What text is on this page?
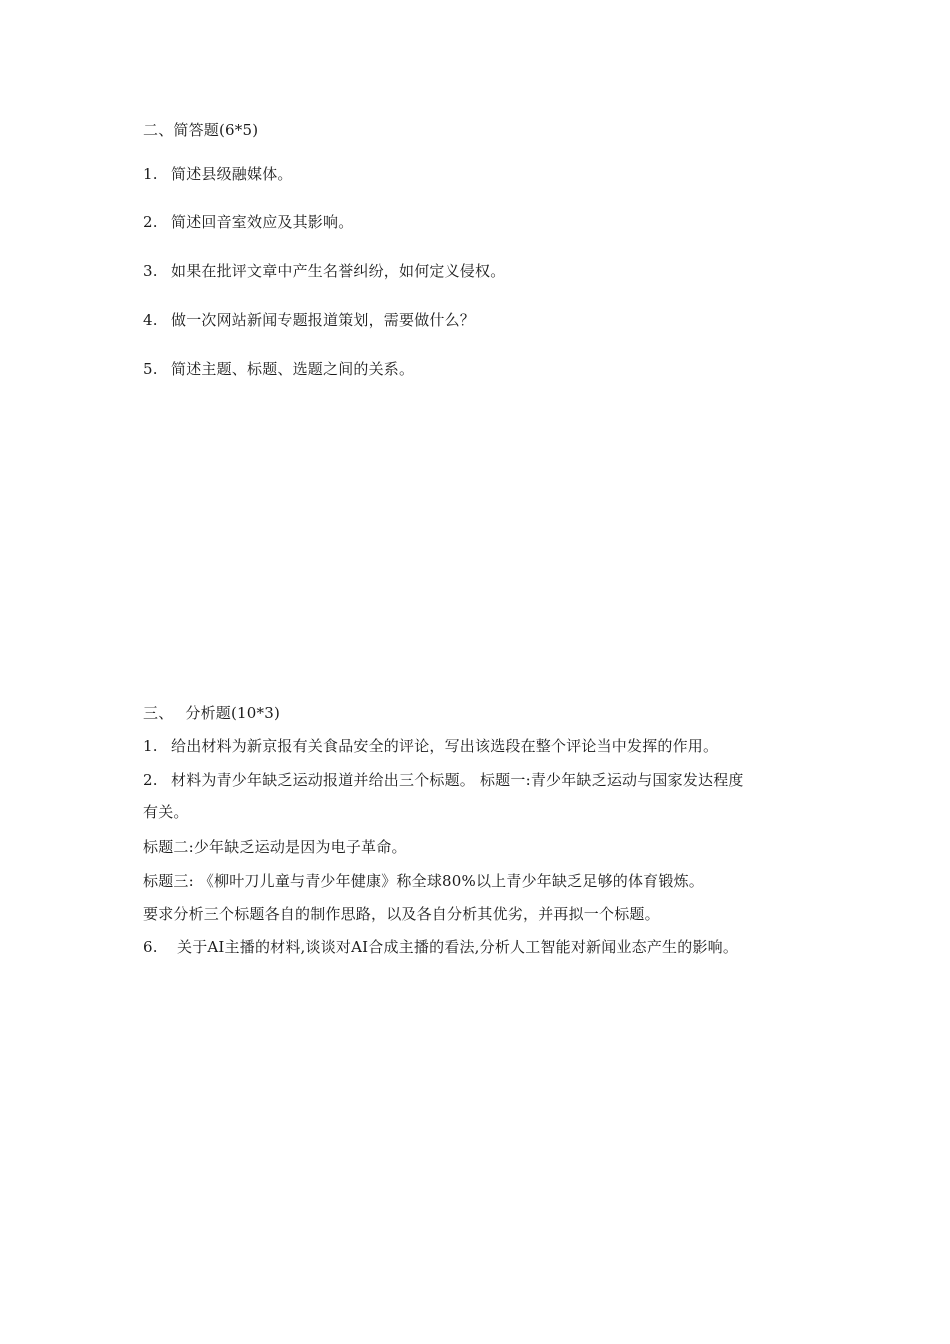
二、简答题(6*5)
1. 简述县级融媒体。
2. 简述回音室效应及其影响。
3. 如果在批评文章中产生名誉纠纷，如何定义侵权。
4. 做一次网站新闻专题报道策划，需要做什么？
5. 简述主题、标题、选题之间的关系。
三、 分析题(10*3)
1. 给出材料为新京报有关食品安全的评论，写出该选段在整个评论当中发挥的作用。
2. 材料为青少年缺乏运动报道并给出三个标题。 标题一:青少年缺乏运动与国家发达程度
有关。
标题二:少年缺乏运动是因为电子革命。
标题三: 《柳叶刀儿童与青少年健康》称全球80%以上青少年缺乏足够的体育锻炼。
要求分析三个标题各自的制作思路，以及各自分析其优劣，并再拟一个标题。
6. 关于AI主播的材料,谈谈对AI合成主播的看法,分析人工智能对新闻业态产生的影响。
